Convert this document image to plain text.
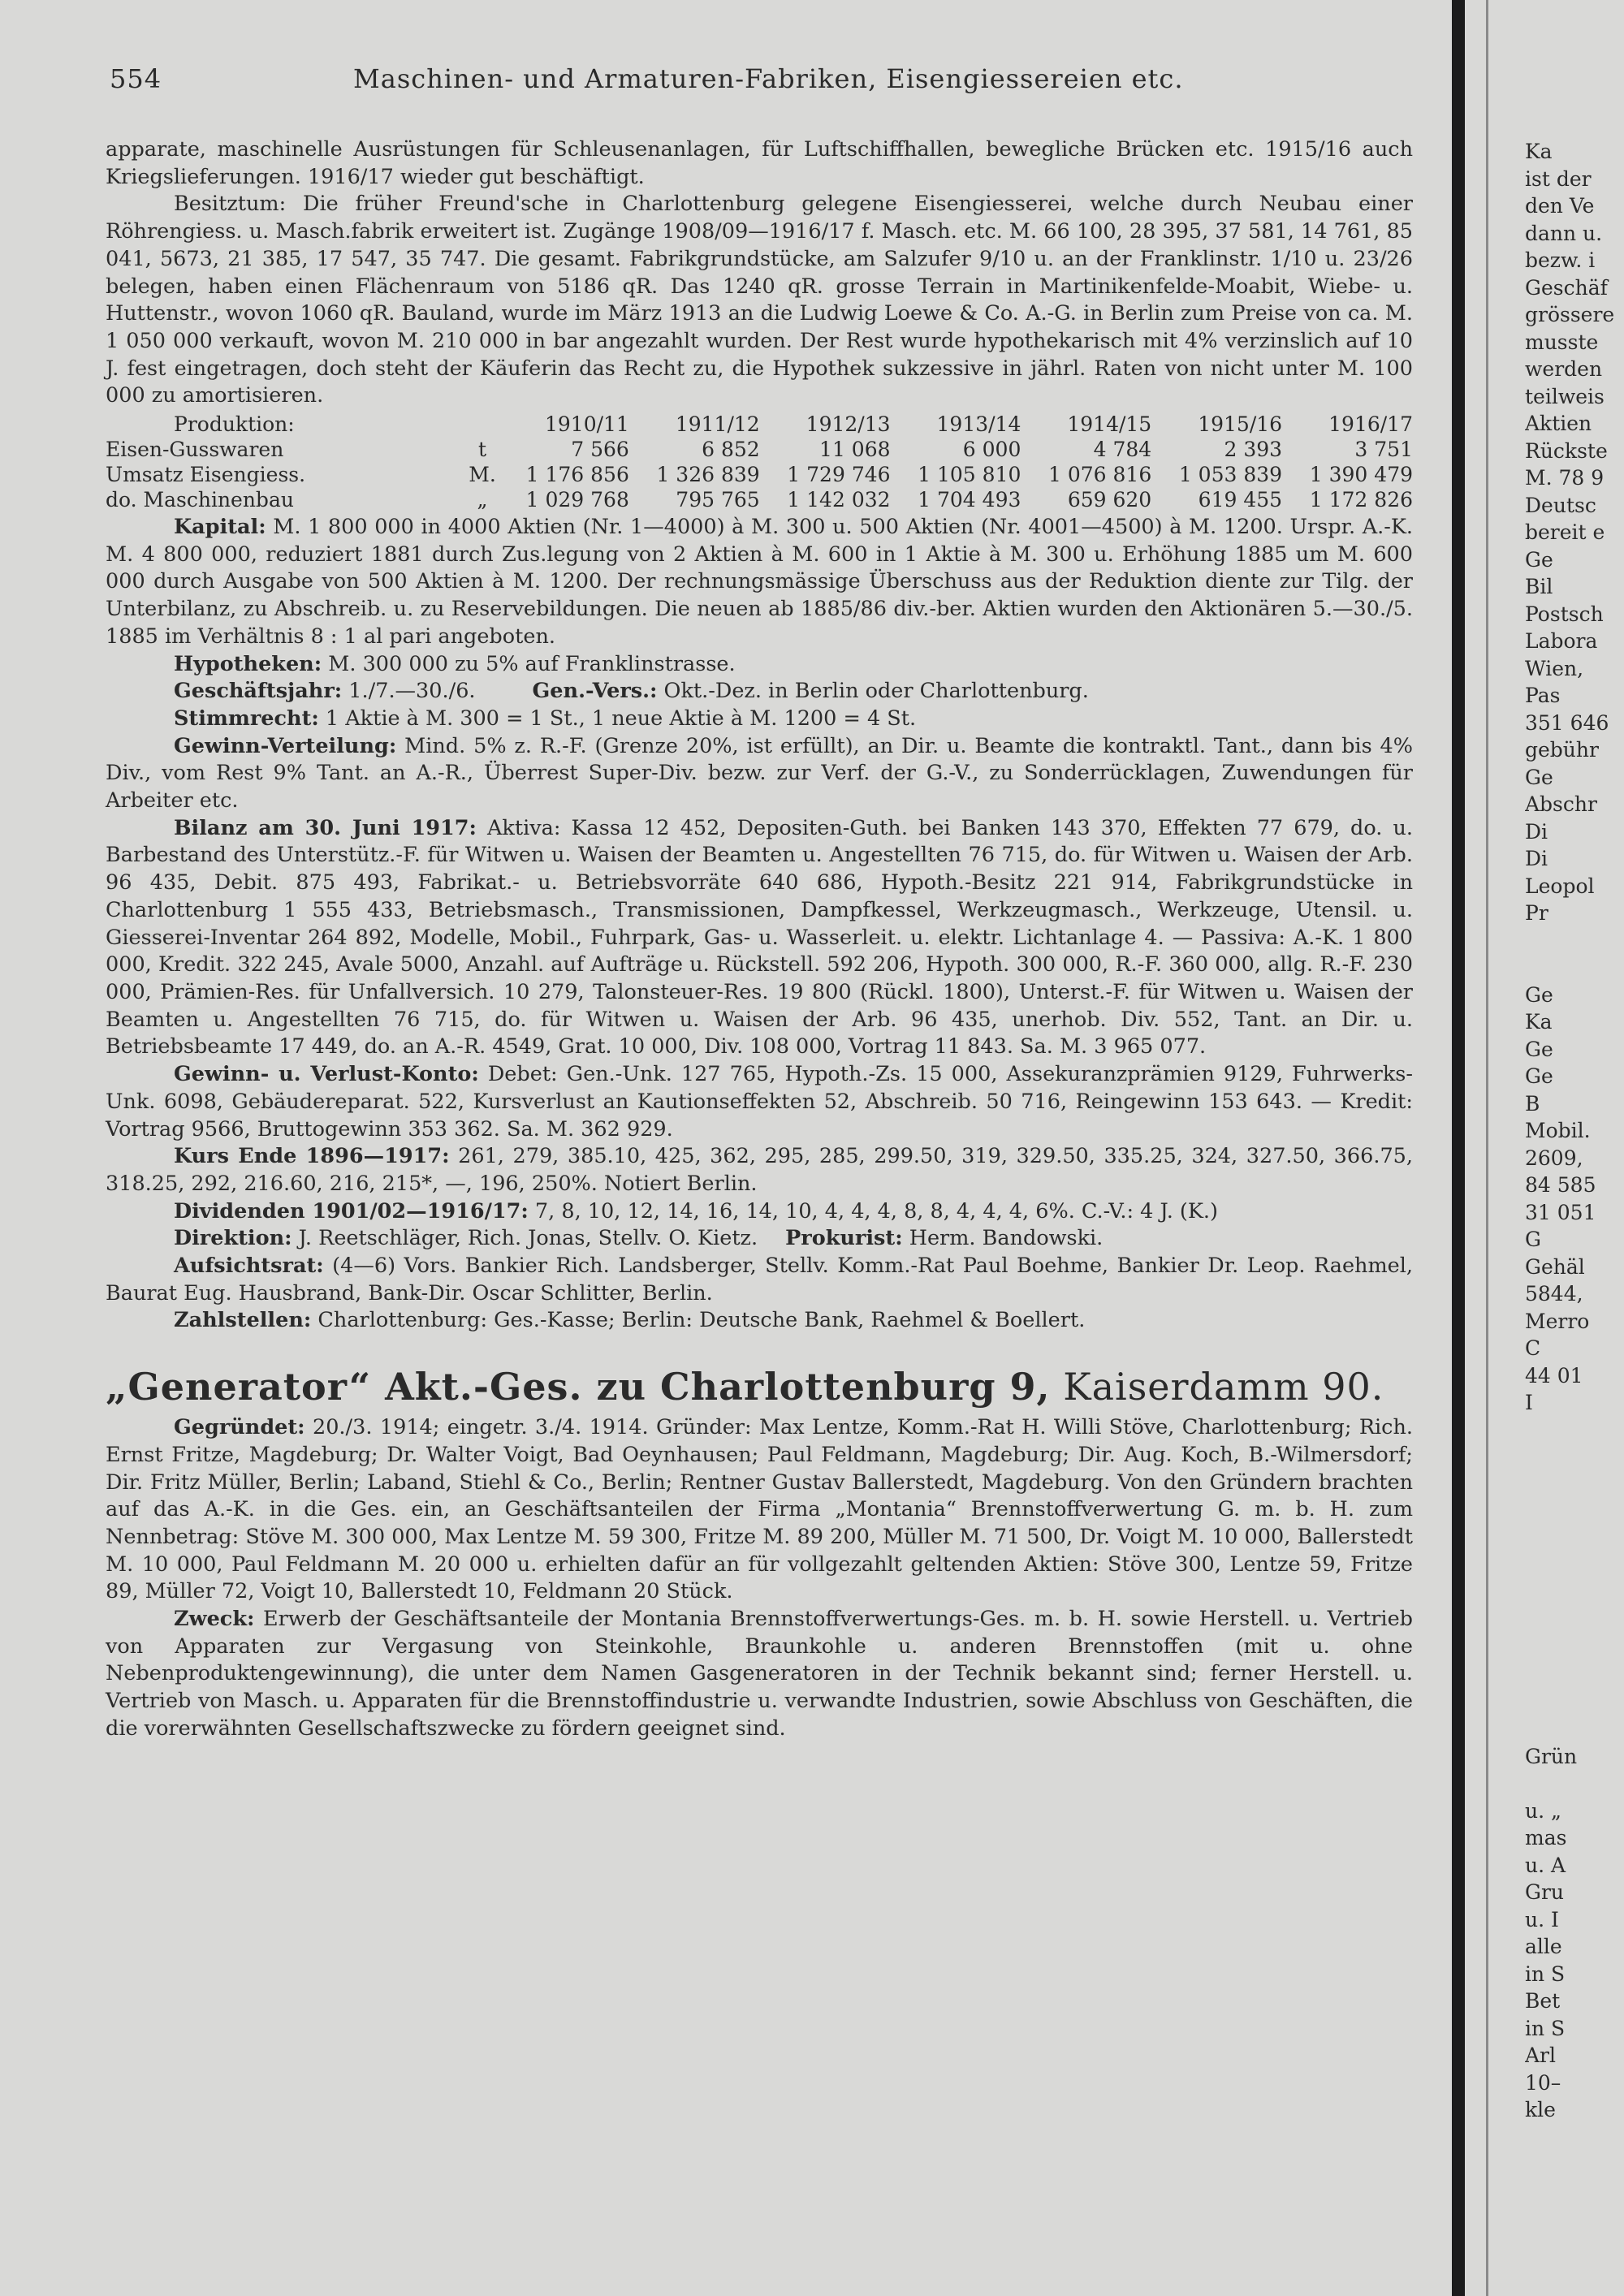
554	Maschinen- und Armaturen-Fabriken, Eisengiessereien etc.

apparate, maschinelle Ausrüstungen für Schleusenanlagen, für Luftschiffhallen, bewegliche Brücken etc. 1915/16 auch Kriegslieferungen. 1916/17 wieder gut beschäftigt.

Besitztum: Die früher Freund'sche in Charlottenburg gelegene Eisengiesserei, welche durch Neubau einer Röhrengiess. u. Masch.fabrik erweitert ist. Zugänge 1908/09—1916/17 f. Masch. etc. M. 66 100, 28 395, 37 581, 14 761, 85 041, 5673, 21 385, 17 547, 35 747. Die gesamt. Fabrikgrundstücke, am Salzufer 9/10 u. an der Franklinstr. 1/10 u. 23/26 belegen, haben einen Flächenraum von 5186 qR. Das 1240 qR. grosse Terrain in Martinikenfelde-Moabit, Wiebe- u. Huttenstr., wovon 1060 qR. Bauland, wurde im März 1913 an die Ludwig Loewe & Co. A.-G. in Berlin zum Preise von ca. M. 1 050 000 verkauft, wovon M. 210 000 in bar angezahlt wurden. Der Rest wurde hypothekarisch mit 4% verzinslich auf 10 J. fest eingetragen, doch steht der Käuferin das Recht zu, die Hypothek sukzessive in jährl. Raten von nicht unter M. 100 000 zu amortisieren.

Produktion:		1910/11	1911/12	1912/13	1913/14	1914/15	1915/16	1916/17
Eisen-Gusswaren	t	7 566	6 852	11 068	6 000	4 784	2 393	3 751
Umsatz Eisengiess.	M.	1 176 856	1 326 839	1 729 746	1 105 810	1 076 816	1 053 839	1 390 479
do. Maschinenbau	„	1 029 768	795 765	1 142 032	1 704 493	659 620	619 455	1 172 826

Kapital: M. 1 800 000 in 4000 Aktien (Nr. 1—4000) à M. 300 u. 500 Aktien (Nr. 4001—4500) à M. 1200. Urspr. A.-K. M. 4 800 000, reduziert 1881 durch Zus.legung von 2 Aktien à M. 600 in 1 Aktie à M. 300 u. Erhöhung 1885 um M. 600 000 durch Ausgabe von 500 Aktien à M. 1200. Der rechnungsmässige Überschuss aus der Reduktion diente zur Tilg. der Unterbilanz, zu Abschreib. u. zu Reservebildungen. Die neuen ab 1885/86 div.-ber. Aktien wurden den Aktionären 5.—30./5. 1885 im Verhältnis 8 : 1 al pari angeboten.

Hypotheken: M. 300 000 zu 5% auf Franklinstrasse.

Geschäftsjahr: 1./7.—30./6.	Gen.-Vers.: Okt.-Dez. in Berlin oder Charlottenburg.

Stimmrecht: 1 Aktie à M. 300 = 1 St., 1 neue Aktie à M. 1200 = 4 St.

Gewinn-Verteilung: Mind. 5% z. R.-F. (Grenze 20%, ist erfüllt), an Dir. u. Beamte die kontraktl. Tant., dann bis 4% Div., vom Rest 9% Tant. an A.-R., Überrest Super-Div. bezw. zur Verf. der G.-V., zu Sonderrücklagen, Zuwendungen für Arbeiter etc.

Bilanz am 30. Juni 1917: Aktiva: Kassa 12 452, Depositen-Guth. bei Banken 143 370, Effekten 77 679, do. u. Barbestand des Unterstütz.-F. für Witwen u. Waisen der Beamten u. Angestellten 76 715, do. für Witwen u. Waisen der Arb. 96 435, Debit. 875 493, Fabrikat.- u. Betriebsvorräte 640 686, Hypoth.-Besitz 221 914, Fabrikgrundstücke in Charlottenburg 1 555 433, Betriebsmasch., Transmissionen, Dampfkessel, Werkzeugmasch., Werkzeuge, Utensil. u. Giesserei-Inventar 264 892, Modelle, Mobil., Fuhrpark, Gas- u. Wasserleit. u. elektr. Lichtanlage 4. — Passiva: A.-K. 1 800 000, Kredit. 322 245, Avale 5000, Anzahl. auf Aufträge u. Rückstell. 592 206, Hypoth. 300 000, R.-F. 360 000, allg. R.-F. 230 000, Prämien-Res. für Unfallversich. 10 279, Talonsteuer-Res. 19 800 (Rückl. 1800), Unterst.-F. für Witwen u. Waisen der Beamten u. Angestellten 76 715, do. für Witwen u. Waisen der Arb. 96 435, unerhob. Div. 552, Tant. an Dir. u. Betriebsbeamte 17 449, do. an A.-R. 4549, Grat. 10 000, Div. 108 000, Vortrag 11 843. Sa. M. 3 965 077.

Gewinn- u. Verlust-Konto: Debet: Gen.-Unk. 127 765, Hypoth.-Zs. 15 000, Assekuranzprämien 9129, Fuhrwerks-Unk. 6098, Gebäudereparat. 522, Kursverlust an Kautionseffekten 52, Abschreib. 50 716, Reingewinn 153 643. — Kredit: Vortrag 9566, Bruttogewinn 353 362. Sa. M. 362 929.

Kurs Ende 1896—1917: 261, 279, 385.10, 425, 362, 295, 285, 299.50, 319, 329.50, 335.25, 324, 327.50, 366.75, 318.25, 292, 216.60, 216, 215*, —, 196, 250%. Notiert Berlin.

Dividenden 1901/02—1916/17: 7, 8, 10, 12, 14, 16, 14, 10, 4, 4, 4, 8, 8, 4, 4, 4, 6%. C.-V.: 4 J. (K.)

Direktion: J. Reetschläger, Rich. Jonas, Stellv. O. Kietz. Prokurist: Herm. Bandowski.

Aufsichtsrat: (4—6) Vors. Bankier Rich. Landsberger, Stellv. Komm.-Rat Paul Boehme, Bankier Dr. Leop. Raehmel, Baurat Eug. Hausbrand, Bank-Dir. Oscar Schlitter, Berlin.

Zahlstellen: Charlottenburg: Ges.-Kasse; Berlin: Deutsche Bank, Raehmel & Boellert.

„Generator“ Akt.-Ges. zu Charlottenburg 9, Kaiserdamm 90.

Gegründet: 20./3. 1914; eingetr. 3./4. 1914. Gründer: Max Lentze, Komm.-Rat H. Willi Stöve, Charlottenburg; Rich. Ernst Fritze, Magdeburg; Dr. Walter Voigt, Bad Oeynhausen; Paul Feldmann, Magdeburg; Dir. Aug. Koch, B.-Wilmersdorf; Dir. Fritz Müller, Berlin; Laband, Stiehl & Co., Berlin; Rentner Gustav Ballerstedt, Magdeburg. Von den Gründern brachten auf das A.-K. in die Ges. ein, an Geschäftsanteilen der Firma „Montania“ Brennstoffverwertung G. m. b. H. zum Nennbetrag: Stöve M. 300 000, Max Lentze M. 59 300, Fritze M. 89 200, Müller M. 71 500, Dr. Voigt M. 10 000, Ballerstedt M. 10 000, Paul Feldmann M. 20 000 u. erhielten dafür an für vollgezahlt geltenden Aktien: Stöve 300, Lentze 59, Fritze 89, Müller 72, Voigt 10, Ballerstedt 10, Feldmann 20 Stück.

Zweck: Erwerb der Geschäftsanteile der Montania Brennstoffverwertungs-Ges. m. b. H. sowie Herstell. u. Vertrieb von Apparaten zur Vergasung von Steinkohle, Braunkohle u. anderen Brennstoffen (mit u. ohne Nebenproduktengewinnung), die unter dem Namen Gasgeneratoren in der Technik bekannt sind; ferner Herstell. u. Vertrieb von Masch. u. Apparaten für die Brennstoffindustrie u. verwandte Industrien, sowie Abschluss von Geschäften, die die vorerwähnten Gesellschaftszwecke zu fördern geeignet sind.

Ka
ist der
den Ve
dann u.
bezw. i
Geschäf
grössere
musste
werden
teilweis
Aktien
Rückste
M. 78 9
Deutsc
bereit e
Ge
Bil
Postsch
Labora
Wien,
Pas
351 646
gebühr
Ge
Abschr
Di
Di
Leopol
Pr
Ge
Ka
Ge
Ge
B
Mobil.
2609,
84 585
31 051
G
Gehäl
5844,
Merro
C
44 01
I
Grün
u. „
mas
u. A
Gru
u. I
alle
in S
Bet
in S
Arl
10–
kle
